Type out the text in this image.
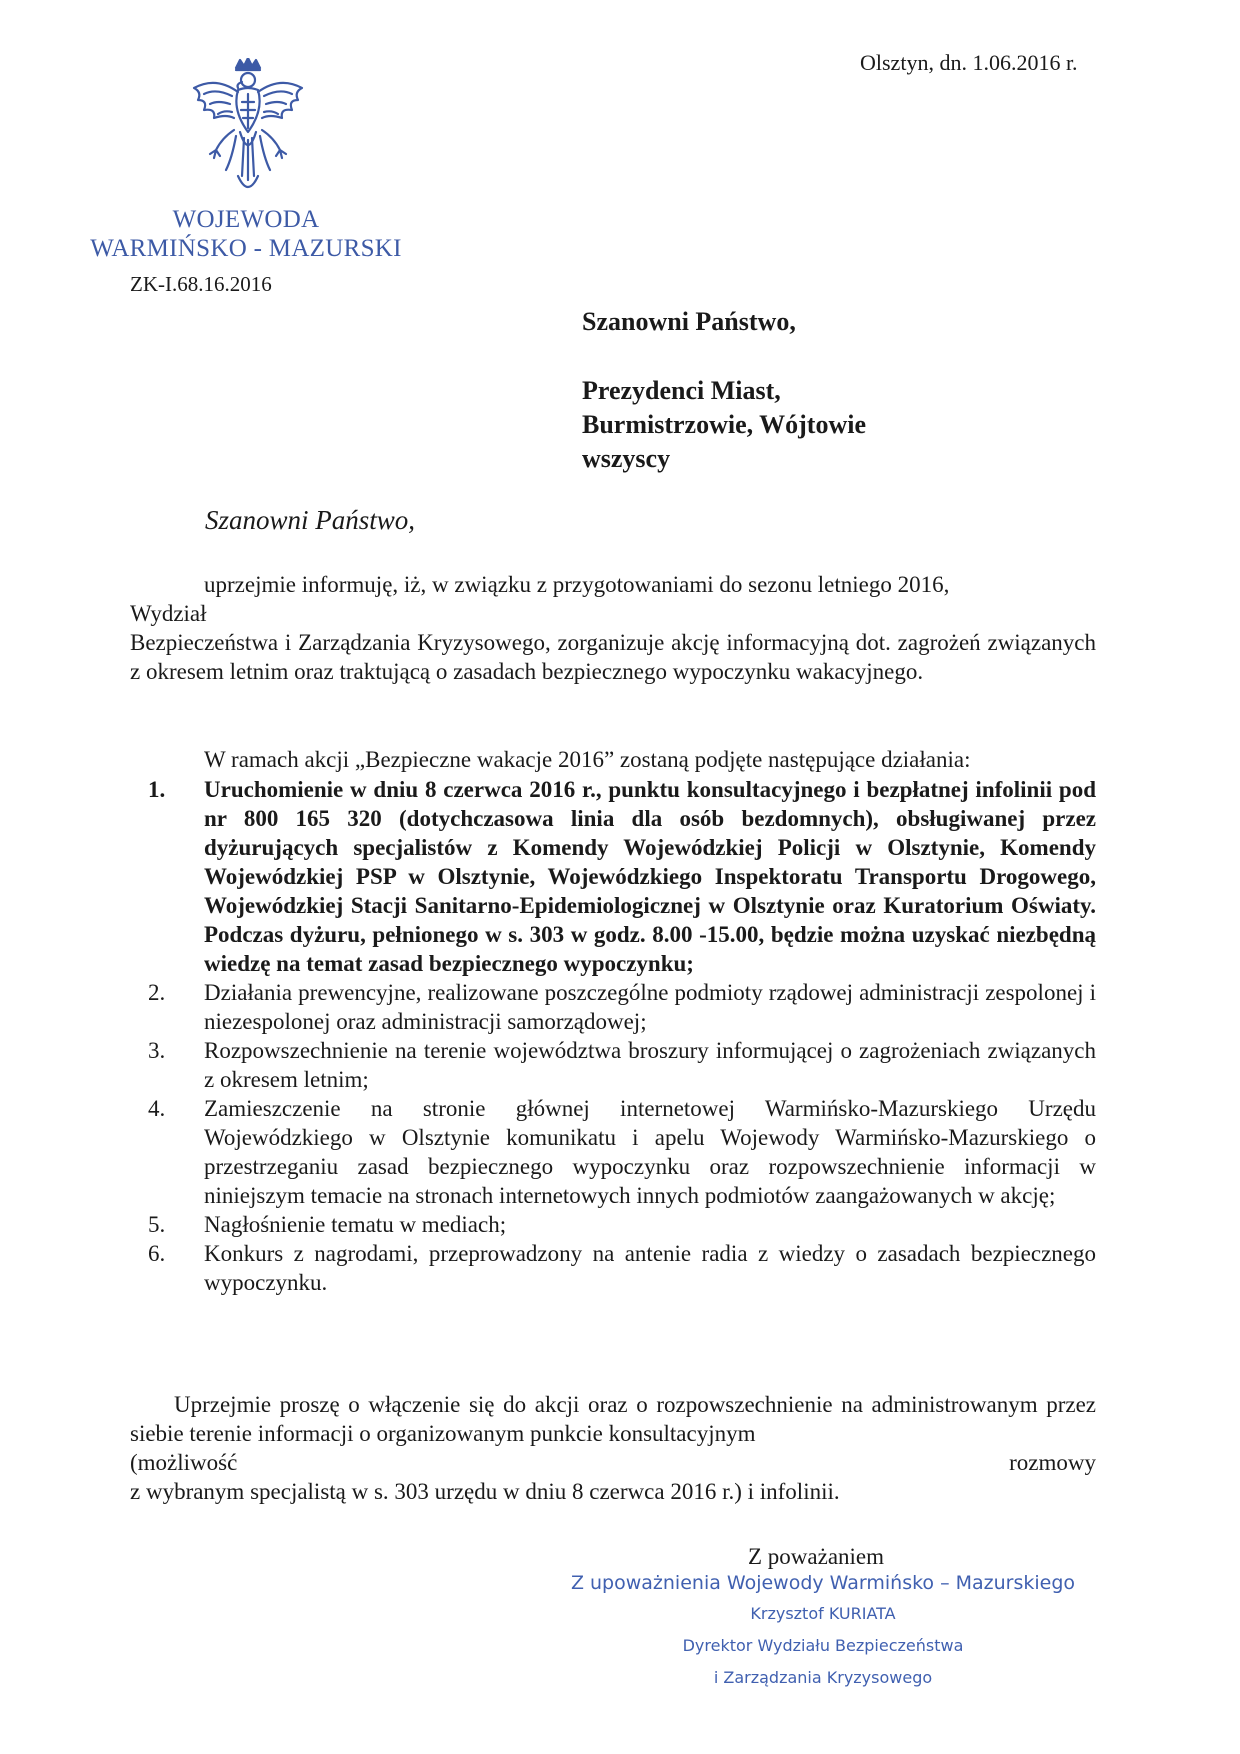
Olsztyn, dn. 1.06.2016 r.
WOJEWODA
WARMIŃSKO - MAZURSKI
ZK-I.68.16.2016
Szanowni Państwo,
Prezydenci Miast,
Burmistrzowie, Wójtowie
wszyscy
Szanowni Państwo,
uprzejmie informuję, iż, w związku z przygotowaniami do sezonu letniego 2016,
Wydział
Bezpieczeństwa i Zarządzania Kryzysowego, zorganizuje akcję informacyjną dot. zagrożeń związanych z okresem letnim oraz traktującą o zasadach bezpiecznego wypoczynku wakacyjnego.
W ramach akcji „Bezpieczne wakacje 2016” zostaną podjęte następujące działania:
1. Uruchomienie w dniu 8 czerwca 2016 r., punktu konsultacyjnego i bezpłatnej infolinii pod nr 800 165 320 (dotychczasowa linia dla osób bezdomnych), obsługiwanej przez dyżurujących specjalistów z Komendy Wojewódzkiej Policji w Olsztynie, Komendy Wojewódzkiej PSP w Olsztynie, Wojewódzkiego Inspektoratu Transportu Drogowego, Wojewódzkiej Stacji Sanitarno-Epidemiologicznej w Olsztynie oraz Kuratorium Oświaty. Podczas dyżuru, pełnionego w s. 303 w godz. 8.00 -15.00, będzie można uzyskać niezbędną wiedzę na temat zasad bezpiecznego wypoczynku;
2. Działania prewencyjne, realizowane poszczególne podmioty rządowej administracji zespolonej i niezespolonej oraz administracji samorządowej;
3. Rozpowszechnienie na terenie województwa broszury informującej o zagrożeniach związanych z okresem letnim;
4. Zamieszczenie na stronie głównej internetowej Warmińsko-Mazurskiego Urzędu Wojewódzkiego w Olsztynie komunikatu i apelu Wojewody Warmińsko-Mazurskiego o przestrzeganiu zasad bezpiecznego wypoczynku oraz rozpowszechnienie informacji w niniejszym temacie na stronach internetowych innych podmiotów zaangażowanych w akcję;
5. Nagłośnienie tematu w mediach;
6. Konkurs z nagrodami, przeprowadzony na antenie radia z wiedzy o zasadach bezpiecznego wypoczynku.
Uprzejmie proszę o włączenie się do akcji oraz o rozpowszechnienie na administrowanym przez siebie terenie informacji o organizowanym punkcie konsultacyjnym
(możliwość	rozmowy
z wybranym specjalistą w s. 303 urzędu w dniu 8 czerwca 2016 r.) i infolinii.
Z poważaniem
Z upoważnienia Wojewody Warmińsko – Mazurskiego
Krzysztof KURIATA
Dyrektor Wydziału Bezpieczeństwa
i Zarządzania Kryzysowego
